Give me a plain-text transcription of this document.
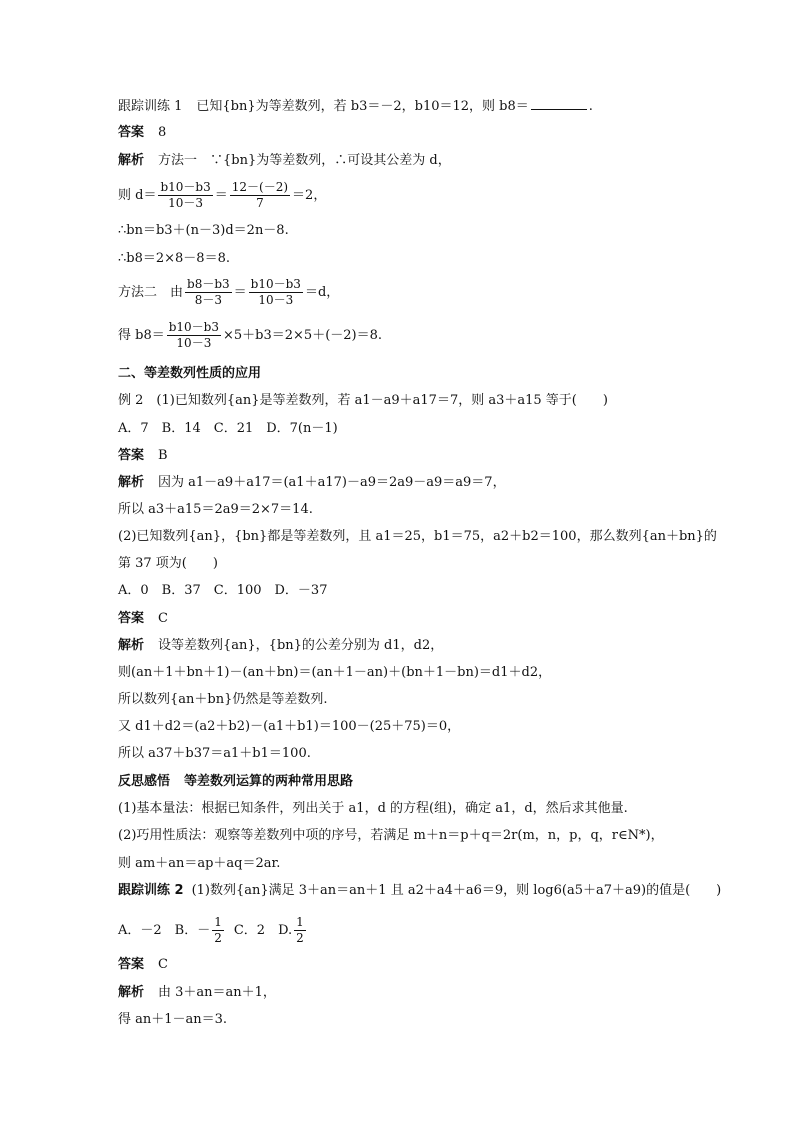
跟踪训练 1 已知{bn}为等差数列，若 b3＝－2，b10＝12，则 b8＝	.
答案 8
解析 方法一　∵{bn}为等差数列，∴可设其公差为 d，
则 $d= \frac{b10-b3}{10-3} = \frac{12-(-2)}{7} =2$，
∴bn＝b3＋(n－3)d＝2n－8.
∴b8＝2×8－8＝8.
方法二　由 $\frac{b8-b3}{8-3} = \frac{b10-b3}{10-3} =d$，
得 $b8= \frac{b10-b3}{10-3} \times 5+b3=2\times 5+(-2)=8$.
二、等差数列性质的应用
例 2　(1)已知数列{an}是等差数列，若 a1－a9＋a17＝7，则 a3＋a15 等于(　　)
A．7　B．14　C．21　D．7(n－1)
答案 B
解析 因为 a1－a9＋a17＝(a1＋a17)－a9＝2a9－a9＝a9＝7，
所以 a3＋a15＝2a9＝2×7＝14.
(2)已知数列{an}，{bn}都是等差数列，且 a1＝25，b1＝75，a2＋b2＝100，那么数列{an＋bn}的
第 37 项为(　　)
A．0　B．37　C．100　D．－37
答案 C
解析 设等差数列{an}，{bn}的公差分别为 d1，d2，
则(an＋1＋bn＋1)－(an＋bn)＝(an＋1－an)＋(bn＋1－bn)＝d1＋d2，
所以数列{an＋bn}仍然是等差数列.
又 d1＋d2＝(a2＋b2)－(a1＋b1)＝100－(25＋75)＝0，
所以 a37＋b37＝a1＋b1＝100.
反思感悟 等差数列运算的两种常用思路
(1)基本量法：根据已知条件，列出关于 a1，d 的方程(组)，确定 a1，d，然后求其他量.
(2)巧用性质法：观察等差数列中项的序号，若满足 m＋n＝p＋q＝2r(m，n，p，q，r∈N*)，
则 am＋an＝ap＋aq＝2ar.
跟踪训练 2 (1)数列{an}满足 3＋an＝an＋1 且 a2＋a4＋a6＝9，则 log6(a5＋a7＋a9)的值是(　　)
A．－2　B．－ $\frac{1}{2}$ C．2　D. $\frac{1}{2}$
答案 C
解析 由 3＋an＝an＋1，
得 an＋1－an＝3.
